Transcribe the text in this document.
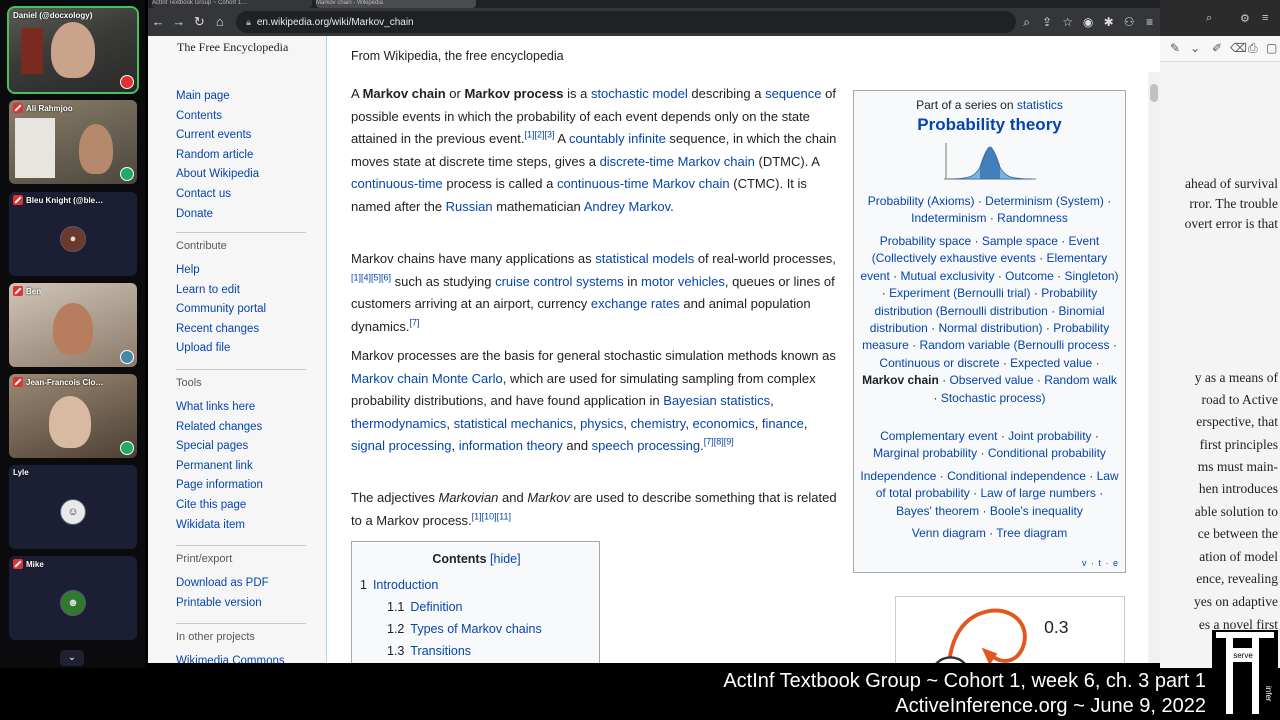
Daniel (@docxology)
Ali Rahmjoo
Bleu Knight (@ble…
●
Ben
Jean-Francois Clo…
Lyle
☺
Mike
☻
⌄
ActInf Textbook Group ~ Cohort 1…	Markov chain - Wikipedia
← → ↻ ⌂	🔒︎ en.wikipedia.org/wiki/Markov_chain	⌕	⇪ ☆ ◉ ✱ ⚇ ≡
The Free Encyclopedia
Main page
Contents
Current events
Random article
About Wikipedia
Contact us
Donate
Contribute
Help
Learn to edit
Community portal
Recent changes
Upload file
Tools
What links here
Related changes
Special pages
Permanent link
Page information
Cite this page
Wikidata item
Print/export
Download as PDF
Printable version
In other projects
Wikimedia Commons
From Wikipedia, the free encyclopedia
A Markov chain or Markov process is a stochastic model describing a sequence of possible events in which the probability of each event depends only on the state attained in the previous event.[1][2][3] A countably infinite sequence, in which the chain moves state at discrete time steps, gives a discrete-time Markov chain (DTMC). A continuous-time process is called a continuous-time Markov chain (CTMC). It is named after the Russian mathematician Andrey Markov.
Markov chains have many applications as statistical models of real-world processes,[1][4][5][6] such as studying cruise control systems in motor vehicles, queues or lines of customers arriving at an airport, currency exchange rates and animal population dynamics.[7]
Markov processes are the basis for general stochastic simulation methods known as Markov chain Monte Carlo, which are used for simulating sampling from complex probability distributions, and have found application in Bayesian statistics, thermodynamics, statistical mechanics, physics, chemistry, economics, finance, signal processing, information theory and speech processing.[7][8][9]
The adjectives Markovian and Markov are used to describe something that is related to a Markov process.[1][10][11]
Contents [hide]
1 Introduction
1.1 Definition
1.2 Types of Markov chains
1.3 Transitions
Part of a series on statistics
Probability theory
Probability (Axioms) · Determinism (System) · Indeterminism · Randomness
Probability space · Sample space · Event (Collectively exhaustive events · Elementary event · Mutual exclusivity · Outcome · Singleton) · Experiment (Bernoulli trial) · Probability distribution (Bernoulli distribution · Binomial distribution · Normal distribution) · Probability measure · Random variable (Bernoulli process · Continuous or discrete · Expected value · Markov chain · Observed value · Random walk · Stochastic process)
Complementary event · Joint probability · Marginal probability · Conditional probability
Independence · Conditional independence · Law of total probability · Law of large numbers · Bayes' theorem · Boole's inequality
Venn diagram · Tree diagram
v · t · e
0.3
⌕	⚙ ≡
✎ ⌄ ✐ ⌫ ⎙ ▢
ahead of survival
rror. The trouble
overt error is that
y as a means of
road to Active
erspective, that
first principles
ms must main-
hen introduces
able solution to
ce between the
ation of model
ence, revealing
yes on adaptive
es a novel first
ActInf Textbook Group ~ Cohort 1, week 6, ch. 3 part 1
ActiveInference.org ~ June 9, 2022
serve
act	infer
